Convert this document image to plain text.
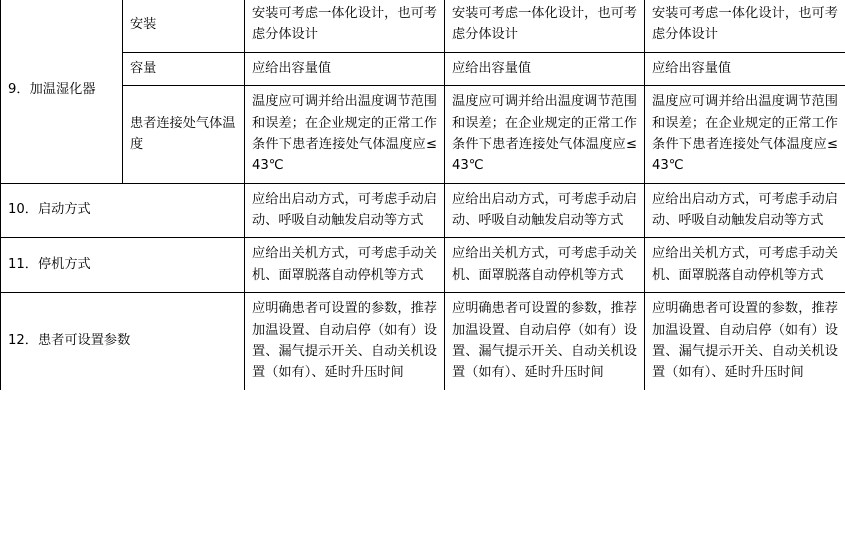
9．加温湿化器	安装	安装可考虑一体化设计，也可考虑分体设计	安装可考虑一体化设计，也可考虑分体设计	安装可考虑一体化设计，也可考虑分体设计
	容量	应给出容量值	应给出容量值	应给出容量值
	患者连接处气体温度	温度应可调并给出温度调节范围和误差；在企业规定的正常工作条件下患者连接处气体温度应≤43℃	温度应可调并给出温度调节范围和误差；在企业规定的正常工作条件下患者连接处气体温度应≤43℃	温度应可调并给出温度调节范围和误差；在企业规定的正常工作条件下患者连接处气体温度应≤43℃
10．启动方式		应给出启动方式，可考虑手动启动、呼吸自动触发启动等方式	应给出启动方式，可考虑手动启动、呼吸自动触发启动等方式	应给出启动方式，可考虑手动启动、呼吸自动触发启动等方式
11．停机方式		应给出关机方式，可考虑手动关机、面罩脱落自动停机等方式	应给出关机方式，可考虑手动关机、面罩脱落自动停机等方式	应给出关机方式，可考虑手动关机、面罩脱落自动停机等方式
12．患者可设置参数		应明确患者可设置的参数，推荐加温设置、自动启停（如有）设置、漏气提示开关、自动关机设置（如有）、延时升压时间	应明确患者可设置的参数，推荐加温设置、自动启停（如有）设置、漏气提示开关、自动关机设置（如有）、延时升压时间	应明确患者可设置的参数，推荐加温设置、自动启停（如有）设置、漏气提示开关、自动关机设置（如有）、延时升压时间
